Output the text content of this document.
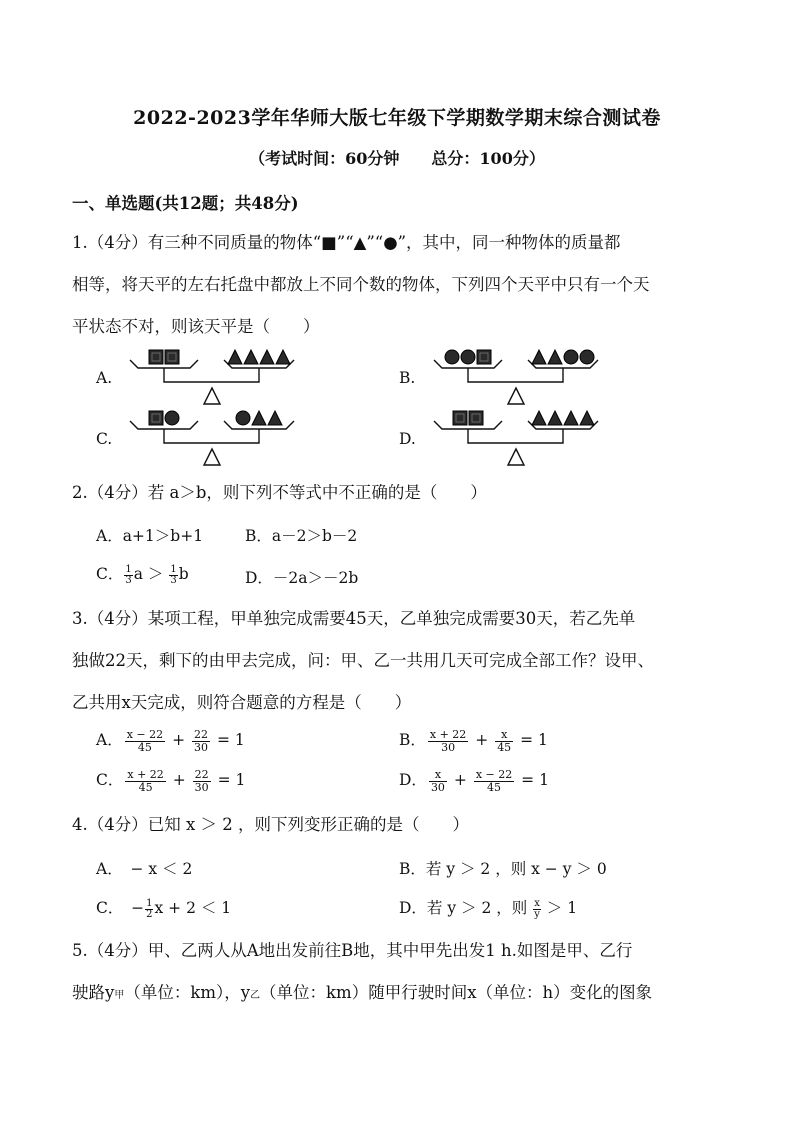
2022-2023学年华师大版七年级下学期数学期末综合测试卷
（考试时间：60分钟　　总分：100分）
一、单选题(共12题；共48分)
1.（4分）有三种不同质量的物体“■”“▲”“●”，其中，同一种物体的质量都
相等，将天平的左右托盘中都放上不同个数的物体，下列四个天平中只有一个天
平状态不对，则该天平是（　　）
A.	B.
C.	D.
2.（4分）若 a＞b，则下列不等式中不正确的是（　　）
A．a+1＞b+1	B．a－2＞b－2
C． $\frac{1}{3}$ $a > \frac{1}{3}$ b	D．－2a＞－2b
3.（4分）某项工程，甲单独完成需要45天，乙单独完成需要30天，若乙先单
独做22天，剩下的由甲去完成，问：甲、乙一共用几天可完成全部工作？设甲、
乙共用x天完成，则符合题意的方程是（　　）
A． $\frac{x - 22}{45} + \frac{22}{30} = 1$	B． $\frac{x + 22}{30} + \frac{x}{45} = 1$
C． $\frac{x + 22}{45} + \frac{22}{30} = 1$	D． $\frac{x}{30} + \frac{x - 22}{45} = 1$
4.（4分）已知 x ＞ 2 ，则下列变形正确的是（　　）
A．　− x ＜ 2	B．若 y ＞ 2 ，则 x − y ＞ 0
C．　− $\frac{1}{2}$ x + 2 ＜ 1	D．若 y ＞ 2 ，则 $\frac{x}{y} > 1$
5.（4分）甲、乙两人从A地出发前往B地，其中甲先出发1 h.如图是甲、乙行
驶路y甲（单位：km），y乙（单位：km）随甲行驶时间x（单位：h）变化的图象
